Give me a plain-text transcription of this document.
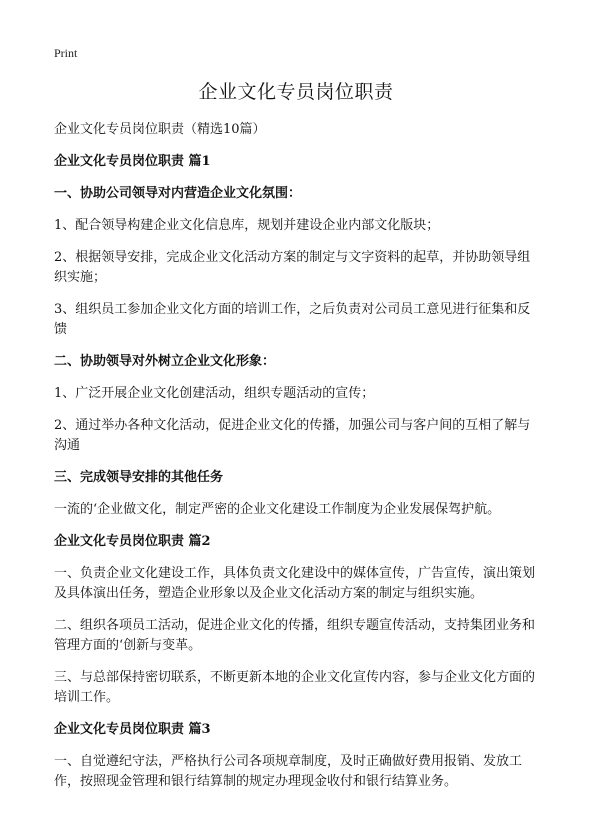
Print

企业文化专员岗位职责

企业文化专员岗位职责（精选10篇）

企业文化专员岗位职责 篇1

一、协助公司领导对内营造企业文化氛围：

1、配合领导构建企业文化信息库，规划并建设企业内部文化版块；

2、根据领导安排，完成企业文化活动方案的制定与文字资料的起草，并协助领导组织实施；

3、组织员工参加企业文化方面的培训工作，之后负责对公司员工意见进行征集和反馈

二、协助领导对外树立企业文化形象：

1、广泛开展企业文化创建活动，组织专题活动的宣传；

2、通过举办各种文化活动，促进企业文化的传播，加强公司与客户间的互相了解与沟通

三、完成领导安排的其他任务

一流的‘企业做文化，制定严密的企业文化建设工作制度为企业发展保驾护航。

企业文化专员岗位职责 篇2

一、负责企业文化建设工作，具体负责文化建设中的媒体宣传，广告宣传，演出策划及具体演出任务，塑造企业形象以及企业文化活动方案的制定与组织实施。

二、组织各项员工活动，促进企业文化的传播，组织专题宣传活动，支持集团业务和管理方面的‘创新与变革。

三、与总部保持密切联系，不断更新本地的企业文化宣传内容，参与企业文化方面的培训工作。

企业文化专员岗位职责 篇3

一、自觉遵纪守法，严格执行公司各项规章制度，及时正确做好费用报销、发放工作，按照现金管理和银行结算制的规定办理现金收付和银行结算业务。
